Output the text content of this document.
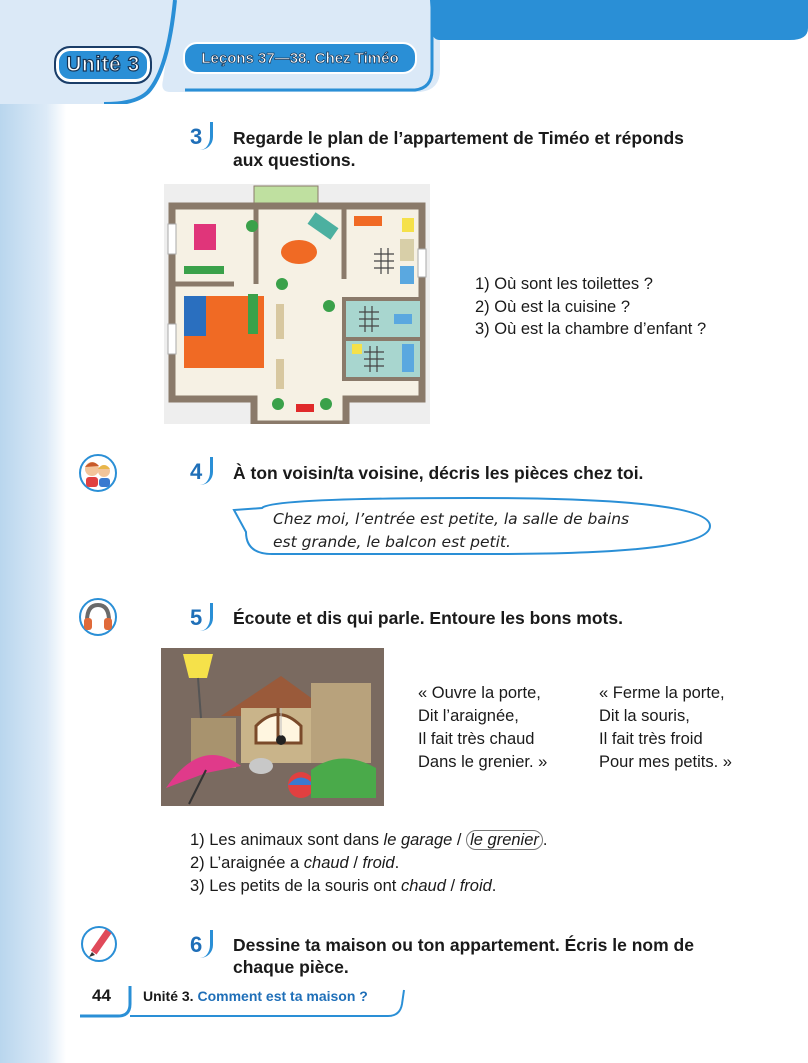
Unité 3	Leçons 37—38. Chez Timéo
3 Regarde le plan de l’appartement de Timéo et réponds
aux questions.
1) Où sont les toilettes ?
2) Où est la cuisine ?
3) Où est la chambre d’enfant ?
4 À ton voisin/ta voisine, décris les pièces chez toi.
Chez moi, l’entrée est petite, la salle de bains
est grande, le balcon est petit.
5 Écoute et dis qui parle. Entoure les bons mots.
« Ouvre la porte,
Dit l’araignée,
Il fait très chaud
Dans le grenier. »
« Ferme la porte,
Dit la souris,
Il fait très froid
Pour mes petits. »
1) Les animaux sont dans le garage / le grenier .
2) L’araignée a chaud / froid.
3) Les petits de la souris ont chaud / froid.
6 Dessine ta maison ou ton appartement. Écris le nom de
chaque pièce.
44 Unité 3. Comment est ta maison ?
